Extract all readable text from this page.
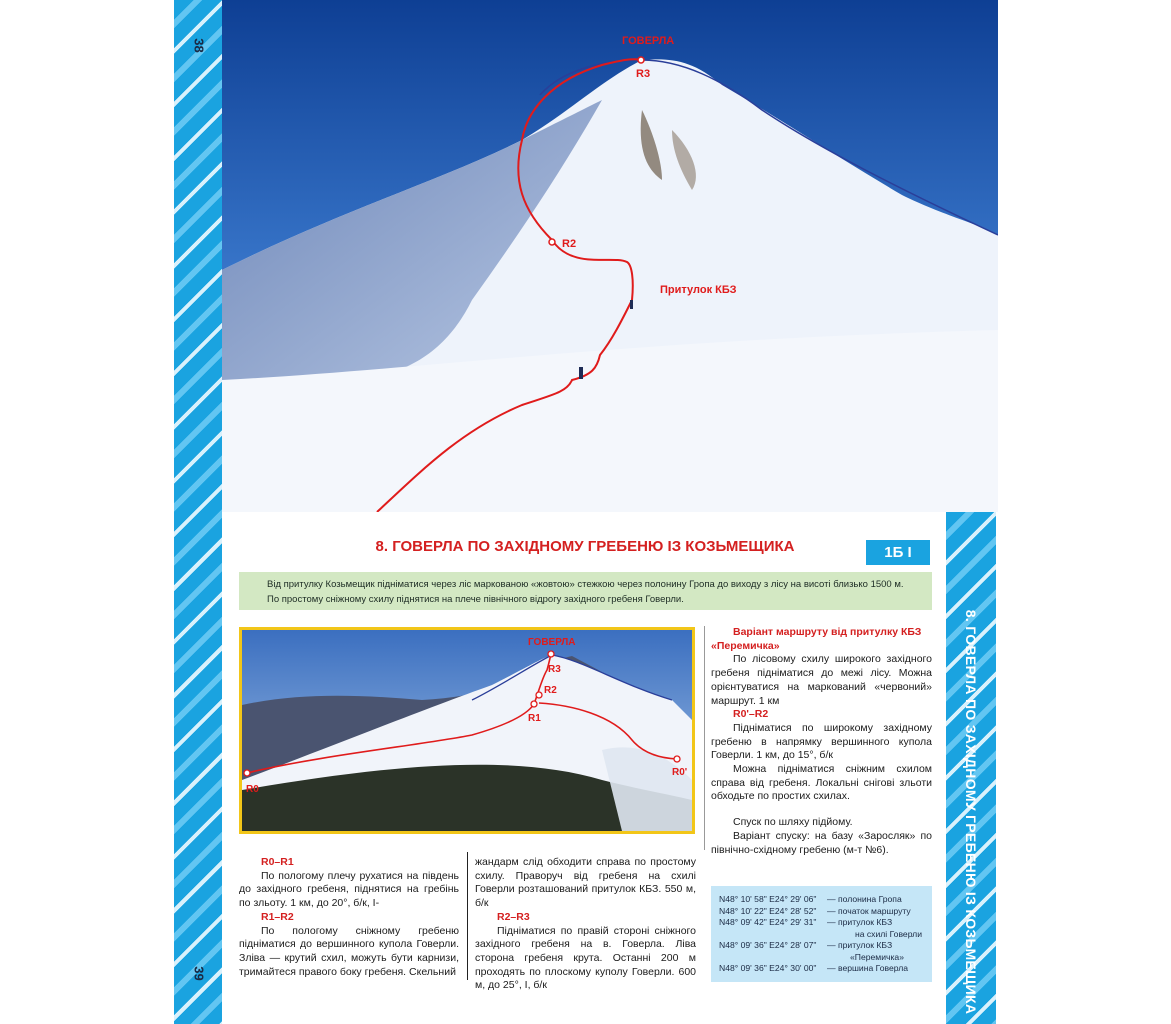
38
39	8. ГОВЕРЛА ПО ЗАХІДНОМУ ГРЕБЕНЮ ІЗ КОЗЬМЕЩИКА
ГОВЕРЛА
R3
R2
Притулок КБЗ
8. ГОВЕРЛА ПО ЗАХІДНОМУ ГРЕБЕНЮ ІЗ КОЗЬМЕЩИКА	1Б І

Від притулку Козьмещик підніматися через ліс маркованою «жовтою» стежкою через полонину Гропа до виходу з лісу на висоті близько 1500 м.

По простому сніжному схилу піднятися на плече північного відрогу західного гребеня Говерли.

ГОВЕРЛА
R3
R2
R1
R0
R0'

Варіант маршруту від притулку КБЗ «Перемичка»

По лісовому схилу широкого західного гребеня підніматися до межі лісу. Можна орієнтуватися на маркований «червоний» маршрут. 1 км

R0'–R2

Підніматися по широкому західному гребеню в напрямку вершинного купола Говерли. 1 км, до 15°, б/к

Можна підніматися сніжним схилом справа від гребеня. Локальні снігові зльоти обходьте по простих схилах.

Спуск по шляху підйому.

Варіант спуску: на базу «Заросляк» по північно-східному гребеню (м-т №6).

R0–R1

По пологому плечу рухатися на південь до західного гребеня, піднятися на гребінь по зльоту. 1 км, до 20°, б/к, І-

R1–R2

По пологому сніжному гребеню підніматися до вершинного купола Говерли. Зліва — крутий схил, можуть бути карнизи, тримайтеся правого боку гребеня. Скельний

жандарм слід обходити справа по простому схилу. Праворуч від гребеня на схилі Говерли розташований притулок КБЗ. 550 м, б/к

R2–R3

Підніматися по правій стороні сніжного західного гребеня на в. Говерла. Ліва сторона гребеня крута. Останні 200 м проходять по плоскому куполу Говерли. 600 м, до 25°, І, б/к

N48° 10' 58" E24° 29' 06"	— полонина Гропа
N48° 10' 22" E24° 28' 52"	— початок маршруту
N48° 09' 42" E24° 29' 31"	— притулок КБЗ
на схилі Говерли
N48° 09' 36" E24° 28' 07"	— притулок КБЗ
«Перемичка»
N48° 09' 36" E24° 30' 00"	— вершина Говерла
